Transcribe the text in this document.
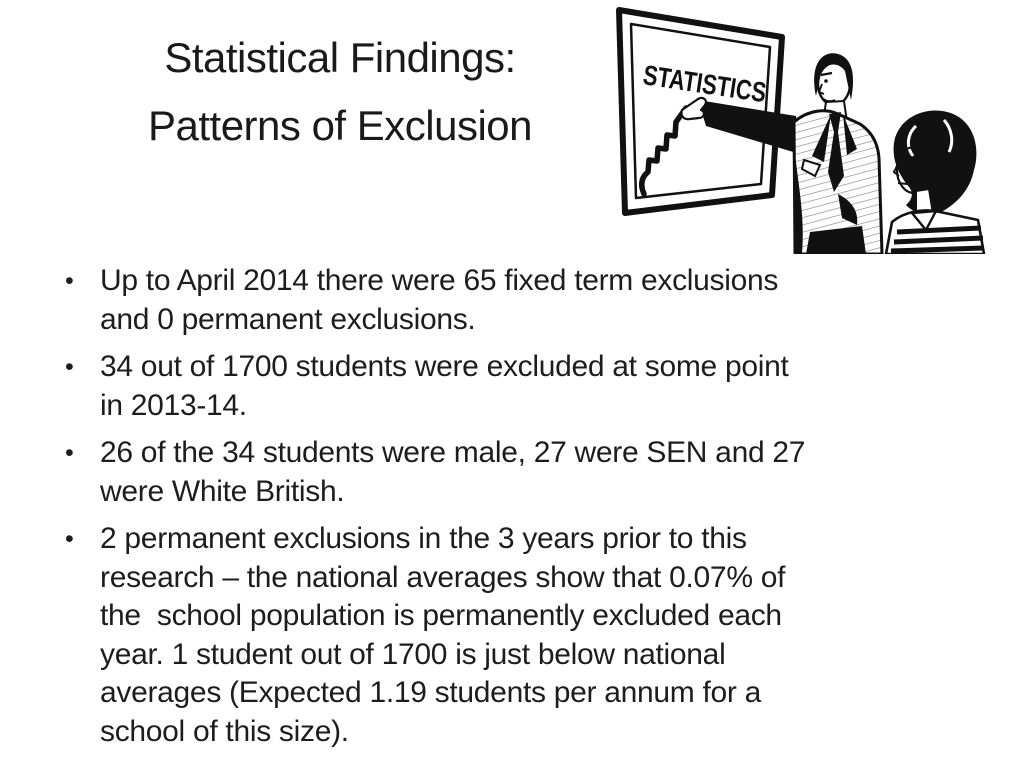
Statistical Findings:
Patterns of Exclusion
STATISTICS
• Up to April 2014 there were 65 fixed term exclusions
and 0 permanent exclusions.
• 34 out of 1700 students were excluded at some point
in 2013-14.
• 26 of the 34 students were male, 27 were SEN and 27
were White British.
• 2 permanent exclusions in the 3 years prior to this
research – the national averages show that 0.07% of
the  school population is permanently excluded each
year. 1 student out of 1700 is just below national
averages (Expected 1.19 students per annum for a
school of this size).
